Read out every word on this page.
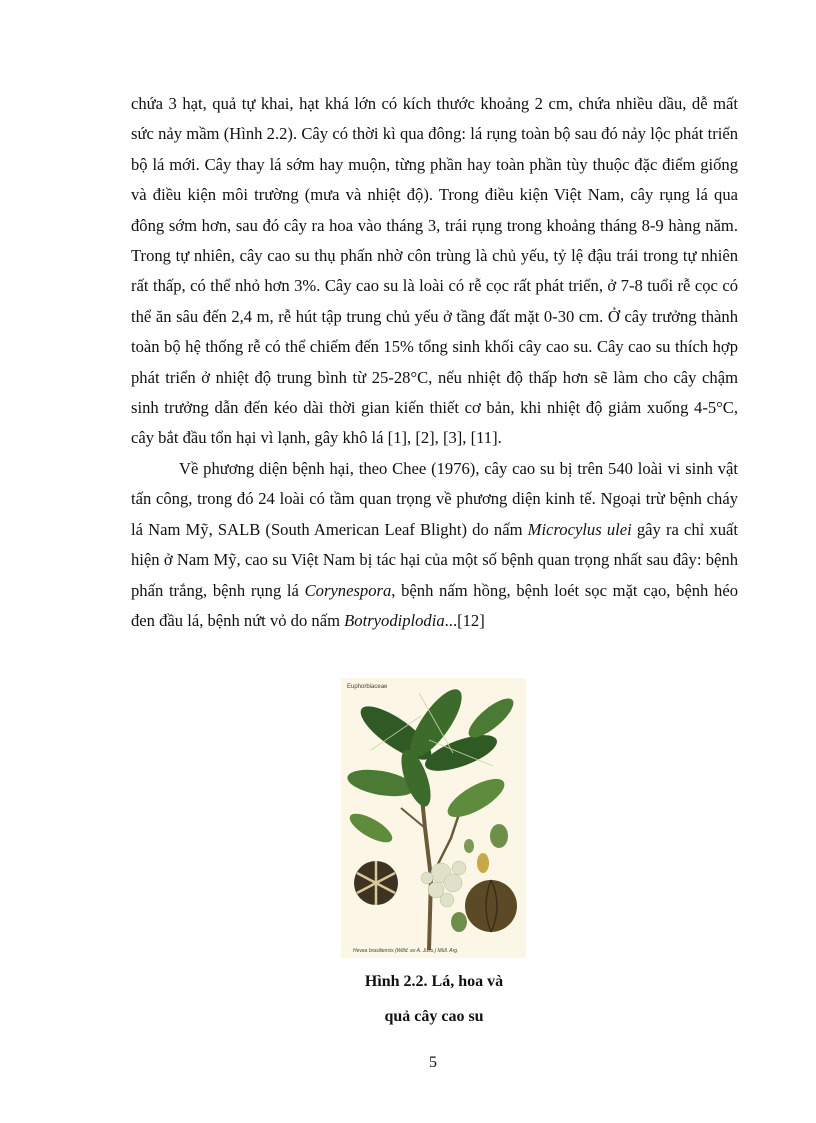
chứa 3 hạt, quả tự khai, hạt khá lớn có kích thước khoảng 2 cm, chứa nhiều dầu, dễ mất sức nảy mầm (Hình 2.2). Cây có thời kì qua đông: lá rụng toàn bộ sau đó nảy lộc phát triển bộ lá mới. Cây thay lá sớm hay muộn, từng phần hay toàn phần tùy thuộc đặc điểm giống và điều kiện môi trường (mưa và nhiệt độ). Trong điều kiện Việt Nam, cây rụng lá qua đông sớm hơn, sau đó cây ra hoa vào tháng 3, trái rụng trong khoảng tháng 8-9 hàng năm. Trong tự nhiên, cây cao su thụ phấn nhờ côn trùng là chủ yếu, tỷ lệ đậu trái trong tự nhiên rất thấp, có thể nhỏ hơn 3%. Cây cao su là loài có rễ cọc rất phát triển, ở 7-8 tuổi rễ cọc có thể ăn sâu đến 2,4 m, rễ hút tập trung chủ yếu ở tầng đất mặt 0-30 cm. Ở cây trưởng thành toàn bộ hệ thống rễ có thể chiếm đến 15% tổng sinh khối cây cao su. Cây cao su thích hợp phát triển ở nhiệt độ trung bình từ 25-28°C, nếu nhiệt độ thấp hơn sẽ làm cho cây chậm sinh trưởng dẫn đến kéo dài thời gian kiến thiết cơ bản, khi nhiệt độ giảm xuống 4-5°C, cây bắt đầu tổn hại vì lạnh, gây khô lá [1], [2], [3], [11].

Về phương diện bệnh hại, theo Chee (1976), cây cao su bị trên 540 loài vi sinh vật tấn công, trong đó 24 loài có tầm quan trọng về phương diện kinh tế. Ngoại trừ bệnh cháy lá Nam Mỹ, SALB (South American Leaf Blight) do nấm Microcylus ulei gây ra chỉ xuất hiện ở Nam Mỹ, cao su Việt Nam bị tác hại của một số bệnh quan trọng nhất sau đây: bệnh phấn trắng, bệnh rụng lá Corynespora, bệnh nấm hồng, bệnh loét sọc mặt cạo, bệnh héo đen đầu lá, bệnh nứt vỏ do nấm Botryodiplodia...[12]

Euphorbiaceae
Hevea brasiliensis (Willd. ex A. Juss.) Müll. Arg.
Hình 2.2. Lá, hoa và
quả cây cao su
5
